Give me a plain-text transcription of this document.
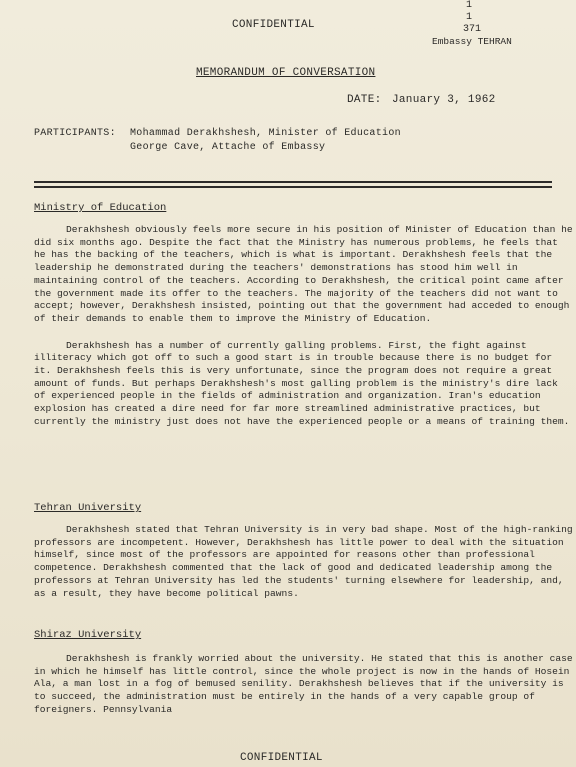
CONFIDENTIAL
1
1
371
Embassy TEHRAN
MEMORANDUM OF CONVERSATION
DATE: January 3, 1962
PARTICIPANTS: Mohammad Derakhshesh, Minister of Education
George Cave, Attache of Embassy
Ministry of Education

Derakhshesh obviously feels more secure in his position of Minister of Education than he did six months ago. Despite the fact that the Ministry has numerous problems, he feels that he has the backing of the teachers, which is what is important. Derakhshesh feels that the leadership he demonstrated during the teachers' demonstrations has stood him well in maintaining control of the teachers. According to Derakhshesh, the critical point came after the government made its offer to the teachers. The majority of the teachers did not want to accept; however, Derakhshesh insisted, pointing out that the government had acceded to enough of their demands to enable them to improve the Ministry of Education.

Derakhshesh has a number of currently galling problems. First, the fight against illiteracy which got off to such a good start is in trouble because there is no budget for it. Derakhshesh feels this is very unfortunate, since the program does not require a great amount of funds. But perhaps Derakhshesh's most galling problem is the ministry's dire lack of experienced people in the fields of administration and organization. Iran's education explosion has created a dire need for far more streamlined administrative practices, but currently the ministry just does not have the experienced people or a means of training them.

Tehran University

Derakhshesh stated that Tehran University is in very bad shape. Most of the high-ranking professors are incompetent. However, Derakhshesh has little power to deal with the situation himself, since most of the professors are appointed for reasons other than professional competence. Derakhshesh commented that the lack of good and dedicated leadership among the professors at Tehran University has led the students' turning elsewhere for leadership, and, as a result, they have become political pawns.

Shiraz University

Derakhshesh is frankly worried about the university. He stated that this is another case in which he himself has little control, since the whole project is now in the hands of Hosein Ala, a man lost in a fog of bemused senility. Derakhshesh believes that if the university is to succeed, the administration must be entirely in the hands of a very capable group of foreigners. Pennsylvania

CONFIDENTIAL
